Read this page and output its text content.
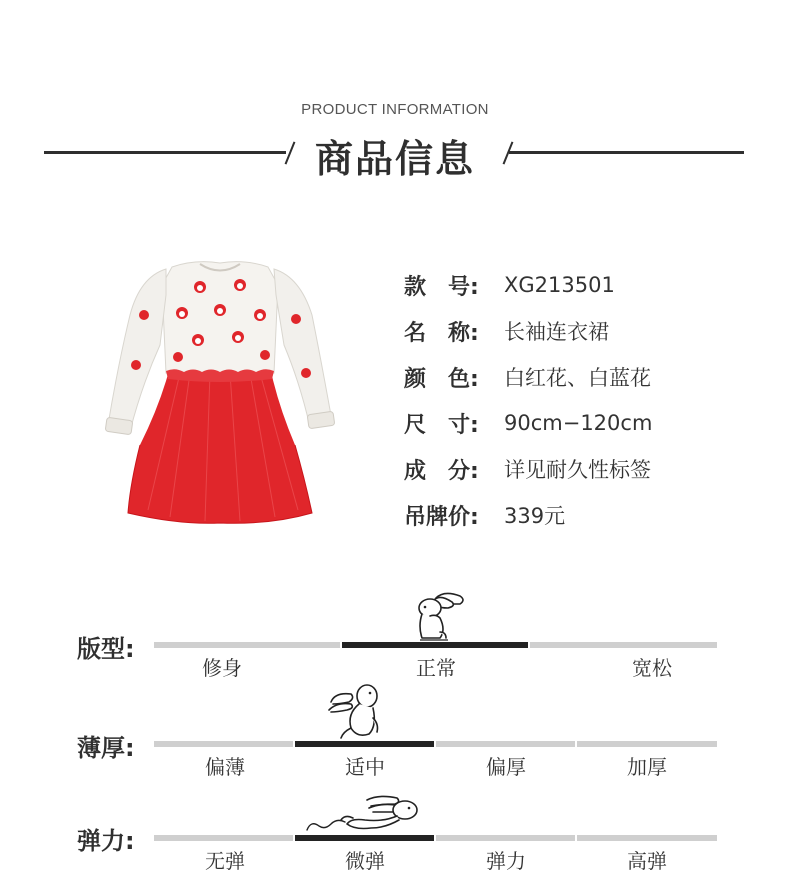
PRODUCT INFORMATION
商品信息
款　号:	XG213501
名　称:	长袖连衣裙
颜　色:	白红花、白蓝花
尺　寸:	90cm−120cm
成　分:	详见耐久性标签
吊牌价:	339元
版型:
修身	正常	宽松
薄厚:
偏薄	适中	偏厚	加厚
弹力:
无弹	微弹	弹力	高弹
